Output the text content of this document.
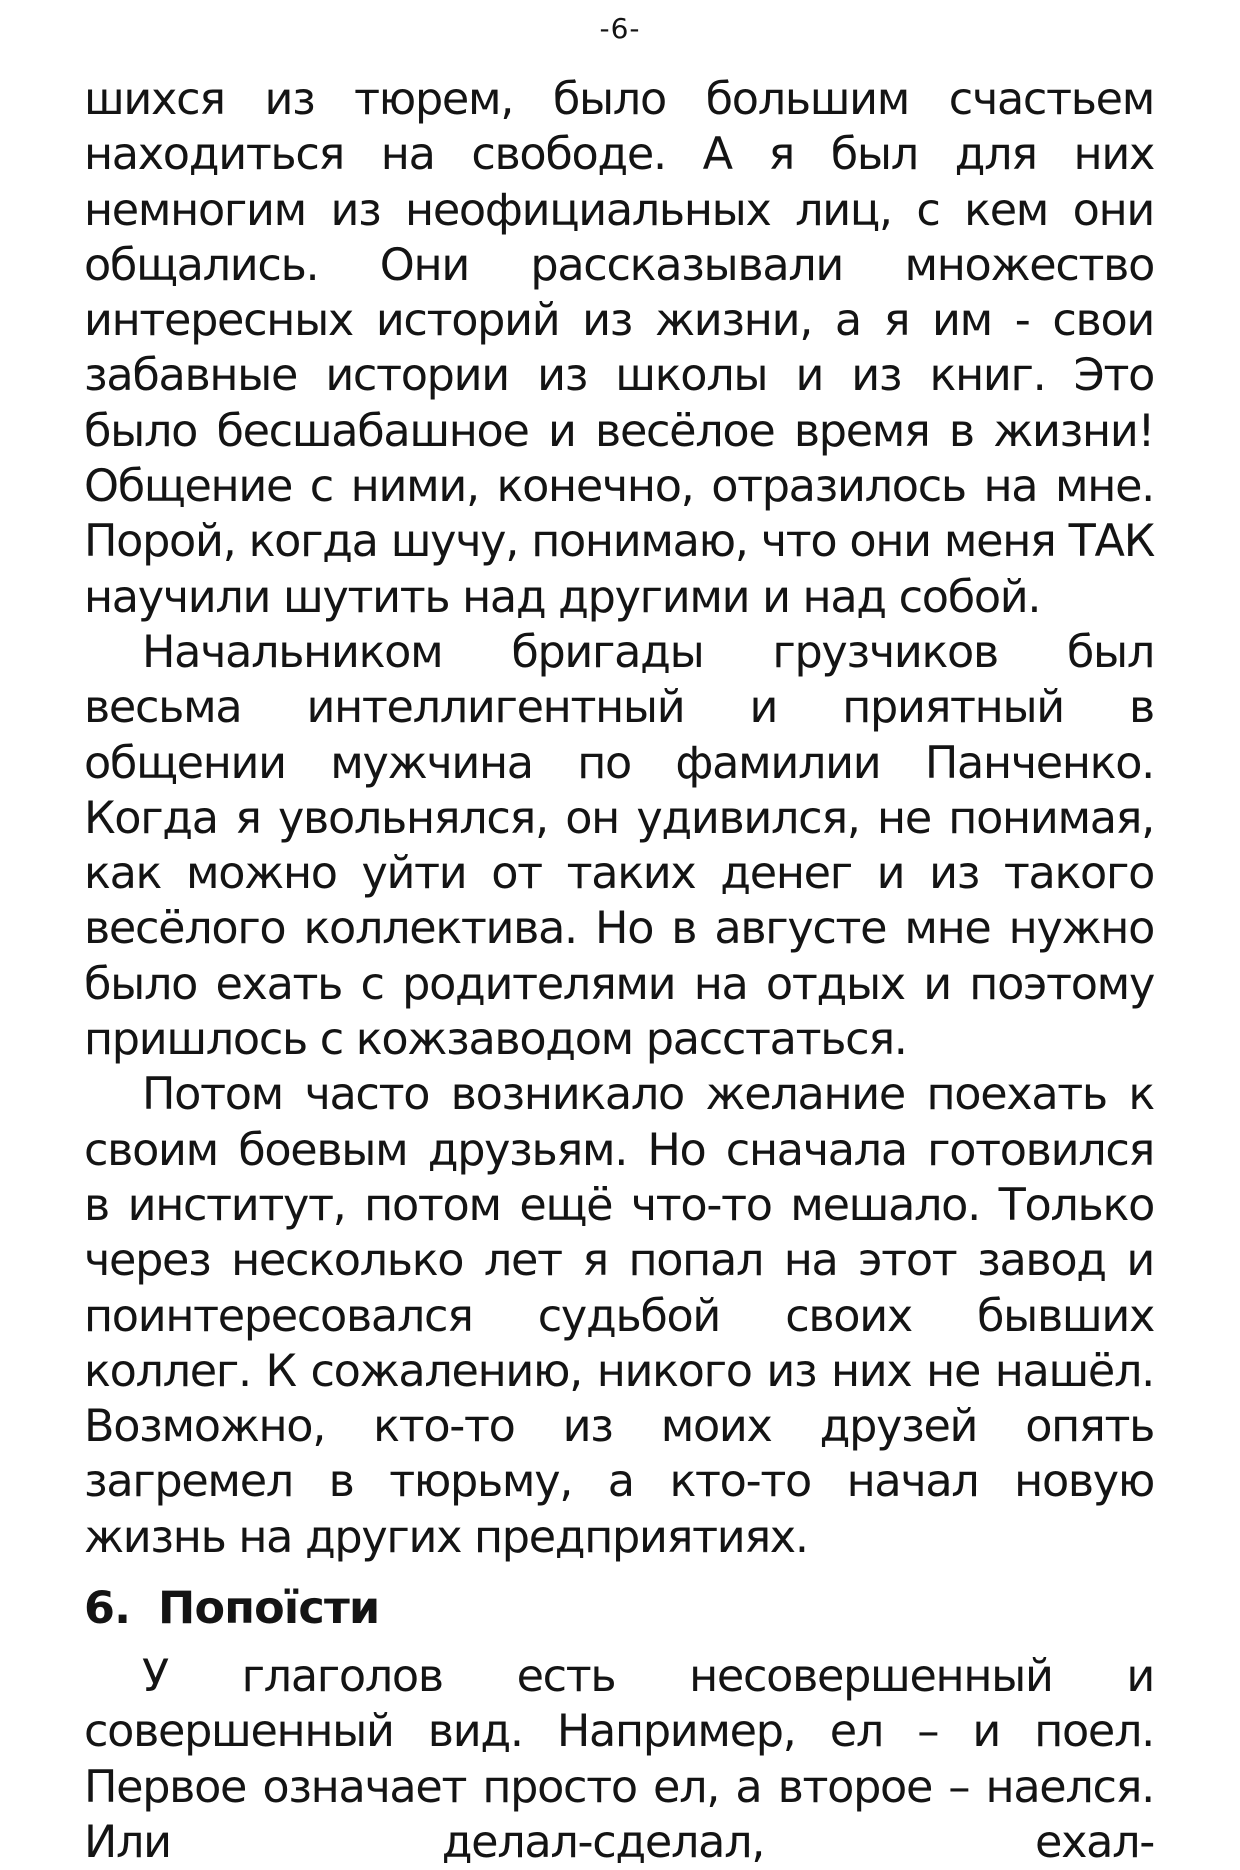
-6-

шихся из тюрем, было большим счастьем находиться на свободе. А я был для них немногим из неофициальных лиц, с кем они общались. Они рассказывали множество интересных историй из жизни, а я им - свои забавные истории из школы и из книг. Это было бесшабашное и весёлое время в жизни! Общение с ними, конечно, отразилось на мне. Порой, когда шучу, понимаю, что они меня ТАК научили шутить над другими и над собой.

Начальником бригады грузчиков был весьма интеллигентный и приятный в общении мужчина по фамилии Панченко. Когда я увольнялся, он удивился, не понимая, как можно уйти от таких денег и из такого весёлого коллектива. Но в августе мне нужно было ехать с родителями на отдых и поэтому пришлось с кожзаводом расстаться.

Потом часто возникало желание поехать к своим боевым друзьям. Но сначала готовился в институт, потом ещё что-то мешало. Только через несколько лет я попал на этот завод и поинтересовался судьбой своих бывших коллег. К сожалению, никого из них не нашёл. Возможно, кто-то из моих друзей опять загремел в тюрьму, а кто-то начал новую жизнь на других предприятиях.

6. Попоїсти

У глаголов есть несовершенный и совершенный вид. Например, ел – и поел. Первое означает просто ел, а второе – наелся. Или делал-сделал, ехал-
